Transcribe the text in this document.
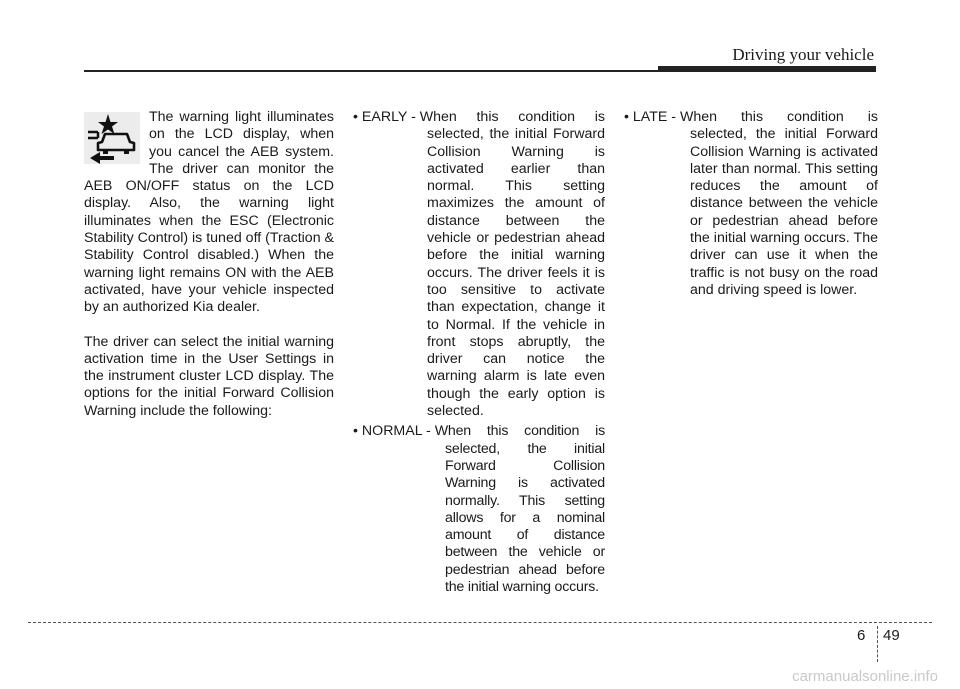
Driving your vehicle

The warning light illuminates on the LCD display, when you cancel the AEB system. The driver can monitor the AEB ON/OFF status on the LCD display. Also, the warning light illuminates when the ESC (Electronic Stability Control) is tuned off (Traction & Stability Control disabled.) When the warning light remains ON with the AEB activated, have your vehicle inspected by an authorized Kia dealer.

The driver can select the initial warning activation time in the User Settings in the instrument cluster LCD display. The options for the initial Forward Collision Warning include the following:

• EARLY - When this condition is
selected, the initial Forward Collision Warning is activated earlier than normal. This setting maximizes the amount of distance between the vehicle or pedestrian ahead before the initial warning occurs. The driver feels it is too sensitive to activate than expectation, change it to Normal. If the vehicle in front stops abruptly, the driver can notice the warning alarm is late even though the early option is selected.
• NORMAL - When this condition is
selected, the initial Forward Collision Warning is activated normally. This setting allows for a nominal amount of distance between the vehicle or pedestrian ahead before the initial warning occurs.
• LATE - When this condition is
selected, the initial Forward Collision Warning is activated later than normal. This setting reduces the amount of distance between the vehicle or pedestrian ahead before the initial warning occurs. The driver can use it when the traffic is not busy on the road and driving speed is lower.
6 49
carmanualsonline.info
